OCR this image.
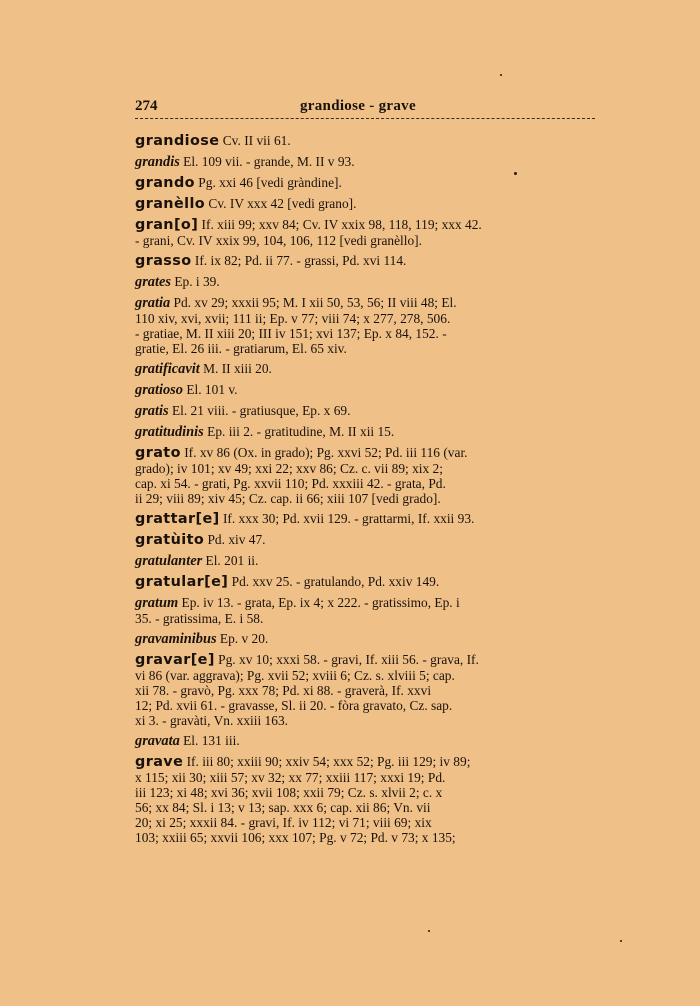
274	grandiose - grave
grandiose Cv. II vii 61.
grandis El. 109 vii. - grande, M. II v 93.
grando Pg. xxi 46 [vedi gràndine].
granèllo Cv. IV xxx 42 [vedi grano].
gran[o] If. xiii 99; xxv 84; Cv. IV xxix 98, 118, 119; xxx 42.
- grani, Cv. IV xxix 99, 104, 106, 112 [vedi granèllo].
grasso If. ix 82; Pd. ii 77. - grassi, Pd. xvi 114.
grates Ep. i 39.
gratia Pd. xv 29; xxxii 95; M. I xii 50, 53, 56; II viii 48; El.
110 xiv, xvi, xvii; 111 ii; Ep. v 77; viii 74; x 277, 278, 506.
- gratiae, M. II xiii 20; III iv 151; xvi 137; Ep. x 84, 152. -
gratie, El. 26 iii. - gratiarum, El. 65 xiv.
gratificavit M. II xiii 20.
gratioso El. 101 v.
gratis El. 21 viii. - gratiusque, Ep. x 69.
gratitudinis Ep. iii 2. - gratitudine, M. II xii 15.
grato If. xv 86 (Ox. in grado); Pg. xxvi 52; Pd. iii 116 (var.
grado); iv 101; xv 49; xxi 22; xxv 86; Cz. c. vii 89; xix 2;
cap. xi 54. - grati, Pg. xxvii 110; Pd. xxxiii 42. - grata, Pd.
ii 29; viii 89; xiv 45; Cz. cap. ii 66; xiii 107 [vedi grado].
grattar[e] If. xxx 30; Pd. xvii 129. - grattarmi, If. xxii 93.
gratùito Pd. xiv 47.
gratulanter El. 201 ii.
gratular[e] Pd. xxv 25. - gratulando, Pd. xxiv 149.
gratum Ep. iv 13. - grata, Ep. ix 4; x 222. - gratissimo, Ep. i
35. - gratissima, E. i 58.
gravaminibus Ep. v 20.
gravar[e] Pg. xv 10; xxxi 58. - gravi, If. xiii 56. - grava, If.
vi 86 (var. aggrava); Pg. xvii 52; xviii 6; Cz. s. xlviii 5; cap.
xii 78. - gravò, Pg. xxx 78; Pd. xi 88. - graverà, If. xxvi
12; Pd. xvii 61. - gravasse, Sl. ii 20. - fòra gravato, Cz. sap.
xi 3. - gravàti, Vn. xxiii 163.
gravata El. 131 iii.
grave If. iii 80; xxiii 90; xxiv 54; xxx 52; Pg. iii 129; iv 89;
x 115; xii 30; xiii 57; xv 32; xx 77; xxiii 117; xxxi 19; Pd.
iii 123; xi 48; xvi 36; xvii 108; xxii 79; Cz. s. xlvii 2; c. x
56; xx 84; Sl. i 13; v 13; sap. xxx 6; cap. xii 86; Vn. vii
20; xi 25; xxxii 84. - gravi, If. iv 112; vi 71; viii 69; xix
103; xxiii 65; xxvii 106; xxx 107; Pg. v 72; Pd. v 73; x 135;
